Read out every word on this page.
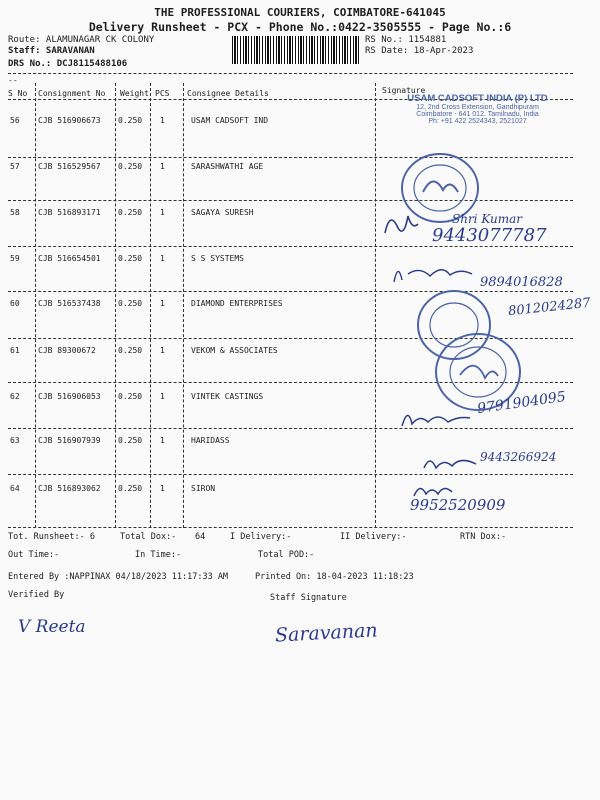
THE PROFESSIONAL COURIERS, COIMBATORE-641045
Delivery Runsheet - PCX - Phone No.:0422-3505555 - Page No.:6
Route: ALAMUNAGAR CK COLONY
Staff: SARAVANAN
DRS No.: DCJ8115488106
RS No.: 1154881
RS Date: 18-Apr-2023
--
S No Consignment No Weight PCS Consignee Details	Signature
56 CJB 516906673 0.250 1	USAM CADSOFT IND
57 CJB 516529567 0.250 1	SARASHWATHI AGE
58 CJB 516893171 0.250 1	SAGAYA SURESH
59 CJB 516654501 0.250 1	S S SYSTEMS
60 CJB 516537438 0.250 1	DIAMOND ENTERPRISES
61 CJB 89300672	0.250 1	VEKOM & ASSOCIATES
62 CJB 516906053 0.250 1	VINTEK CASTINGS
63 CJB 516907939 0.250 1	HARIDASS
64 CJB 516893062 0.250 1	SIRON
USAM CADSOFT INDIA (P) LTD
12, 2nd Cross Extension, Gandhipuram
Coimbatore - 641 012. Tamilnadu, India
Ph: +91 422 2524343, 2521027
Shri Kumar
9443077787
9894016828
8012024287
9791904095
9443266924
9952520909
Tot. Runsheet:- 6	Total Dox:- 64	I Delivery:-	II Delivery:-	RTN Dox:-
Out Time:-	In Time:-	Total POD:-
Entered By :NAPPINAX 04/18/2023 11:17:33 AM	Printed On: 18-04-2023 11:18:23
Verified By	Staff Signature
V Reeta	Saravanan
